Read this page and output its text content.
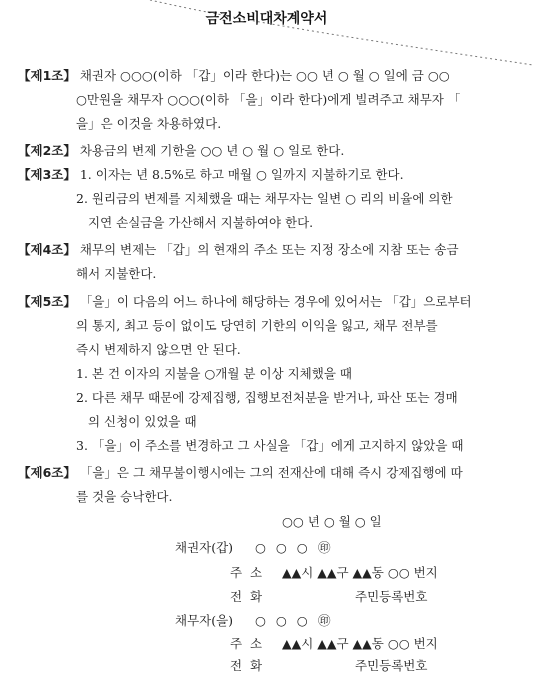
금전소비대차계약서
【제1조】 채권자 ○○○(이하 「갑」이라 한다)는 ○○ 년 ○ 월 ○ 일에 금 ○○
○만원을 채무자 ○○○(이하 「을」이라 한다)에게 빌려주고 채무자 「
을」은 이것을 차용하였다.
【제2조】 차용금의 변제 기한을 ○○ 년 ○ 월 ○ 일로 한다.
【제3조】 1. 이자는 년 8.5%로 하고 매월 ○ 일까지 지불하기로 한다.
2. 원리금의 변제를 지체했을 때는 채무자는 일변 ○ 리의 비율에 의한
지연 손실금을 가산해서 지불하여야 한다.
【제4조】 채무의 변제는 「갑」의 현재의 주소 또는 지정 장소에 지참 또는 송금
해서 지불한다.
【제5조】 「을」이 다음의 어느 하나에 해당하는 경우에 있어서는 「갑」으로부터
의 통지, 최고 등이 없이도 당연히 기한의 이익을 잃고, 채무 전부를
즉시 변제하지 않으면 안 된다.
1. 본 건 이자의 지불을 ○개월 분 이상 지체했을 때
2. 다른 채무 때문에 강제집행, 집행보전처분을 받거나, 파산 또는 경매
의 신청이 있었을 때
3. 「을」이 주소를 변경하고 그 사실을 「갑」에게 고지하지 않았을 때
【제6조】 「을」은 그 채무불이행시에는 그의 전재산에 대해 즉시 강제집행에 따
를 것을 승낙한다.
○○ 년 ○ 월 ○ 일
채권자(갑) ○ ○ ○ ㊞
주  소 ▲▲시 ▲▲구 ▲▲동 ○○ 번지
전  화	주민등록번호
채무자(을) ○ ○ ○ ㊞
주  소 ▲▲시 ▲▲구 ▲▲동 ○○ 번지
전  화	주민등록번호
